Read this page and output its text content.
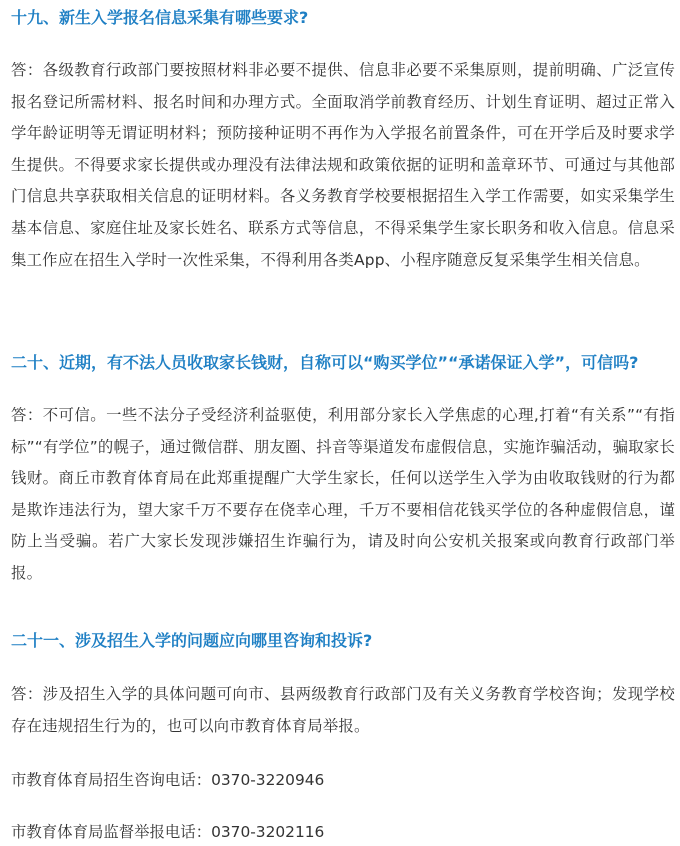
十九、新生入学报名信息采集有哪些要求?

答：各级教育行政部门要按照材料非必要不提供、信息非必要不采集原则，提前明确、广泛宣传报名登记所需材料、报名时间和办理方式。全面取消学前教育经历、计划生育证明、超过正常入学年龄证明等无谓证明材料；预防接种证明不再作为入学报名前置条件，可在开学后及时要求学生提供。不得要求家长提供或办理没有法律法规和政策依据的证明和盖章环节、可通过与其他部门信息共享获取相关信息的证明材料。各义务教育学校要根据招生入学工作需要，如实采集学生基本信息、家庭住址及家长姓名、联系方式等信息，不得采集学生家长职务和收入信息。信息采集工作应在招生入学时一次性采集，不得利用各类App、小程序随意反复采集学生相关信息。

二十、近期，有不法人员收取家长钱财，自称可以“购买学位”“承诺保证入学”，可信吗?

答：不可信。一些不法分子受经济利益驱使，利用部分家长入学焦虑的心理,打着“有关系”“有指标”“有学位”的幌子，通过微信群、朋友圈、抖音等渠道发布虚假信息，实施诈骗活动，骗取家长钱财。商丘市教育体育局在此郑重提醒广大学生家长，任何以送学生入学为由收取钱财的行为都是欺诈违法行为，望大家千万不要存在侥幸心理，千万不要相信花钱买学位的各种虚假信息，谨防上当受骗。若广大家长发现涉嫌招生诈骗行为，请及时向公安机关报案或向教育行政部门举报。

二十一、涉及招生入学的问题应向哪里咨询和投诉?

答：涉及招生入学的具体问题可向市、县两级教育行政部门及有关义务教育学校咨询；发现学校存在违规招生行为的，也可以向市教育体育局举报。

市教育体育局招生咨询电话：0370-3220946

市教育体育局监督举报电话：0370-3202116
